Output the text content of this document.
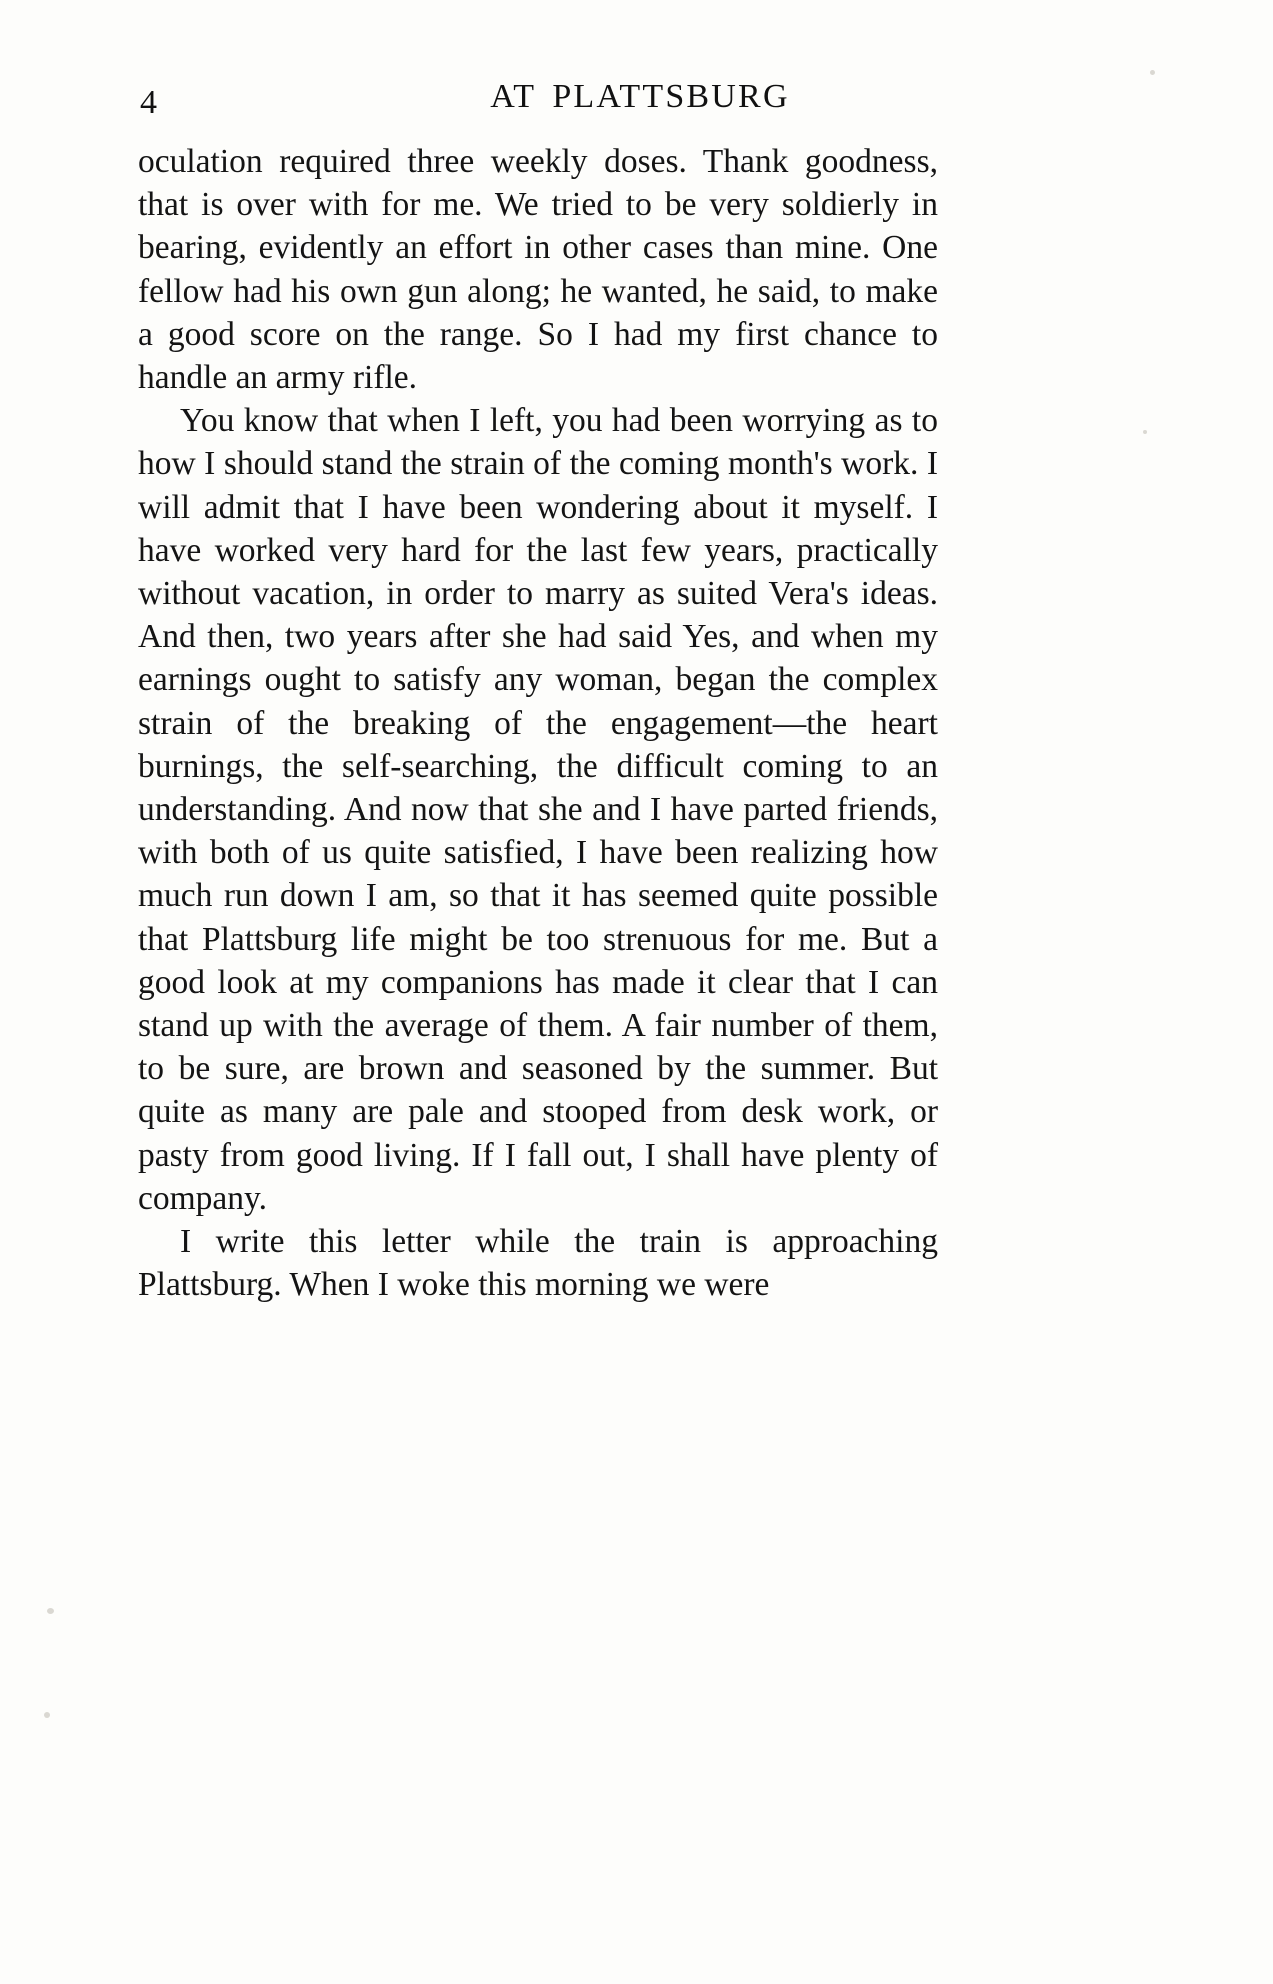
4	AT PLATTSBURG

oculation required three weekly doses. Thank goodness, that is over with for me. We tried to be very soldierly in bearing, evidently an effort in other cases than mine. One fellow had his own gun along; he wanted, he said, to make a good score on the range. So I had my first chance to handle an army rifle.

You know that when I left, you had been worrying as to how I should stand the strain of the coming month's work. I will admit that I have been wondering about it myself. I have worked very hard for the last few years, practically without vacation, in order to marry as suited Vera's ideas. And then, two years after she had said Yes, and when my earnings ought to satisfy any woman, began the complex strain of the breaking of the engagement—the heart burnings, the self-searching, the difficult coming to an understanding. And now that she and I have parted friends, with both of us quite satisfied, I have been realizing how much run down I am, so that it has seemed quite possible that Plattsburg life might be too strenuous for me. But a good look at my companions has made it clear that I can stand up with the average of them. A fair number of them, to be sure, are brown and seasoned by the summer. But quite as many are pale and stooped from desk work, or pasty from good living. If I fall out, I shall have plenty of company.

I write this letter while the train is approaching Plattsburg. When I woke this morning we were
